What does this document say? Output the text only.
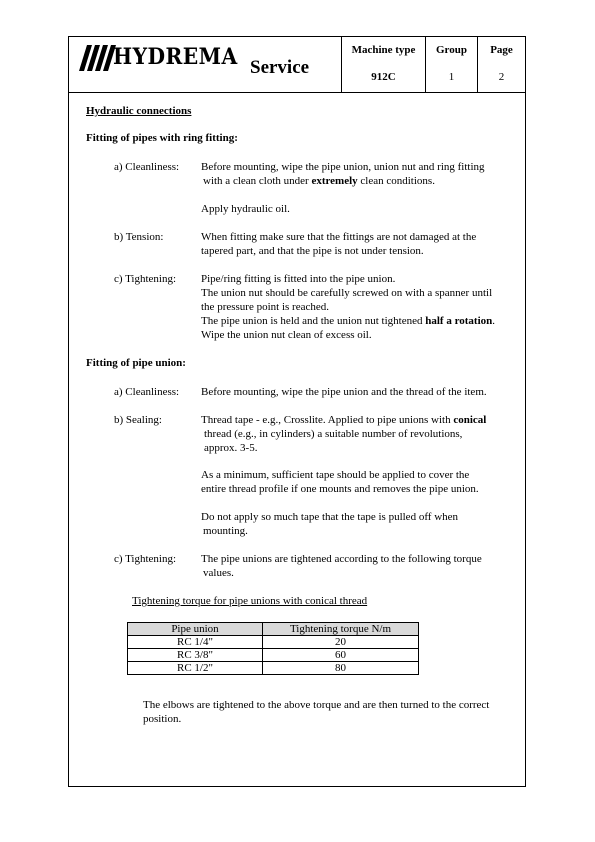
HYDREMA Service
Machine type
912C
Group
1
Page
2
Hydraulic connections
Fitting of pipes with ring fitting:
a) Cleanliness: Before mounting, wipe the pipe union, union nut and ring fitting
with a clean cloth under extremely clean conditions.
Apply hydraulic oil.
b) Tension:	When fitting make sure that the fittings are not damaged at the
tapered part, and that the pipe is not under tension.
c) Tightening: Pipe/ring fitting is fitted into the pipe union.
The union nut should be carefully screwed on with a spanner until
the pressure point is reached.
The pipe union is held and the union nut tightened half a rotation.
Wipe the union nut clean of excess oil.
Fitting of pipe union:
a) Cleanliness: Before mounting, wipe the pipe union and the thread of the item.
b) Sealing:	Thread tape - e.g., Crosslite. Applied to pipe unions with conical
thread (e.g., in cylinders) a suitable number of revolutions,
approx. 3-5.
As a minimum, sufficient tape should be applied to cover the
entire thread profile if one mounts and removes the pipe union.
Do not apply so much tape that the tape is pulled off when
mounting.
c) Tightening: The pipe unions are tightened according to the following torque
values.
Tightening torque for pipe unions with conical thread
Pipe union	Tightening torque N/m
RC 1/4"	20
RC 3/8"	60
RC 1/2"	80
The elbows are tightened to the above torque and are then turned to the correct
position.
